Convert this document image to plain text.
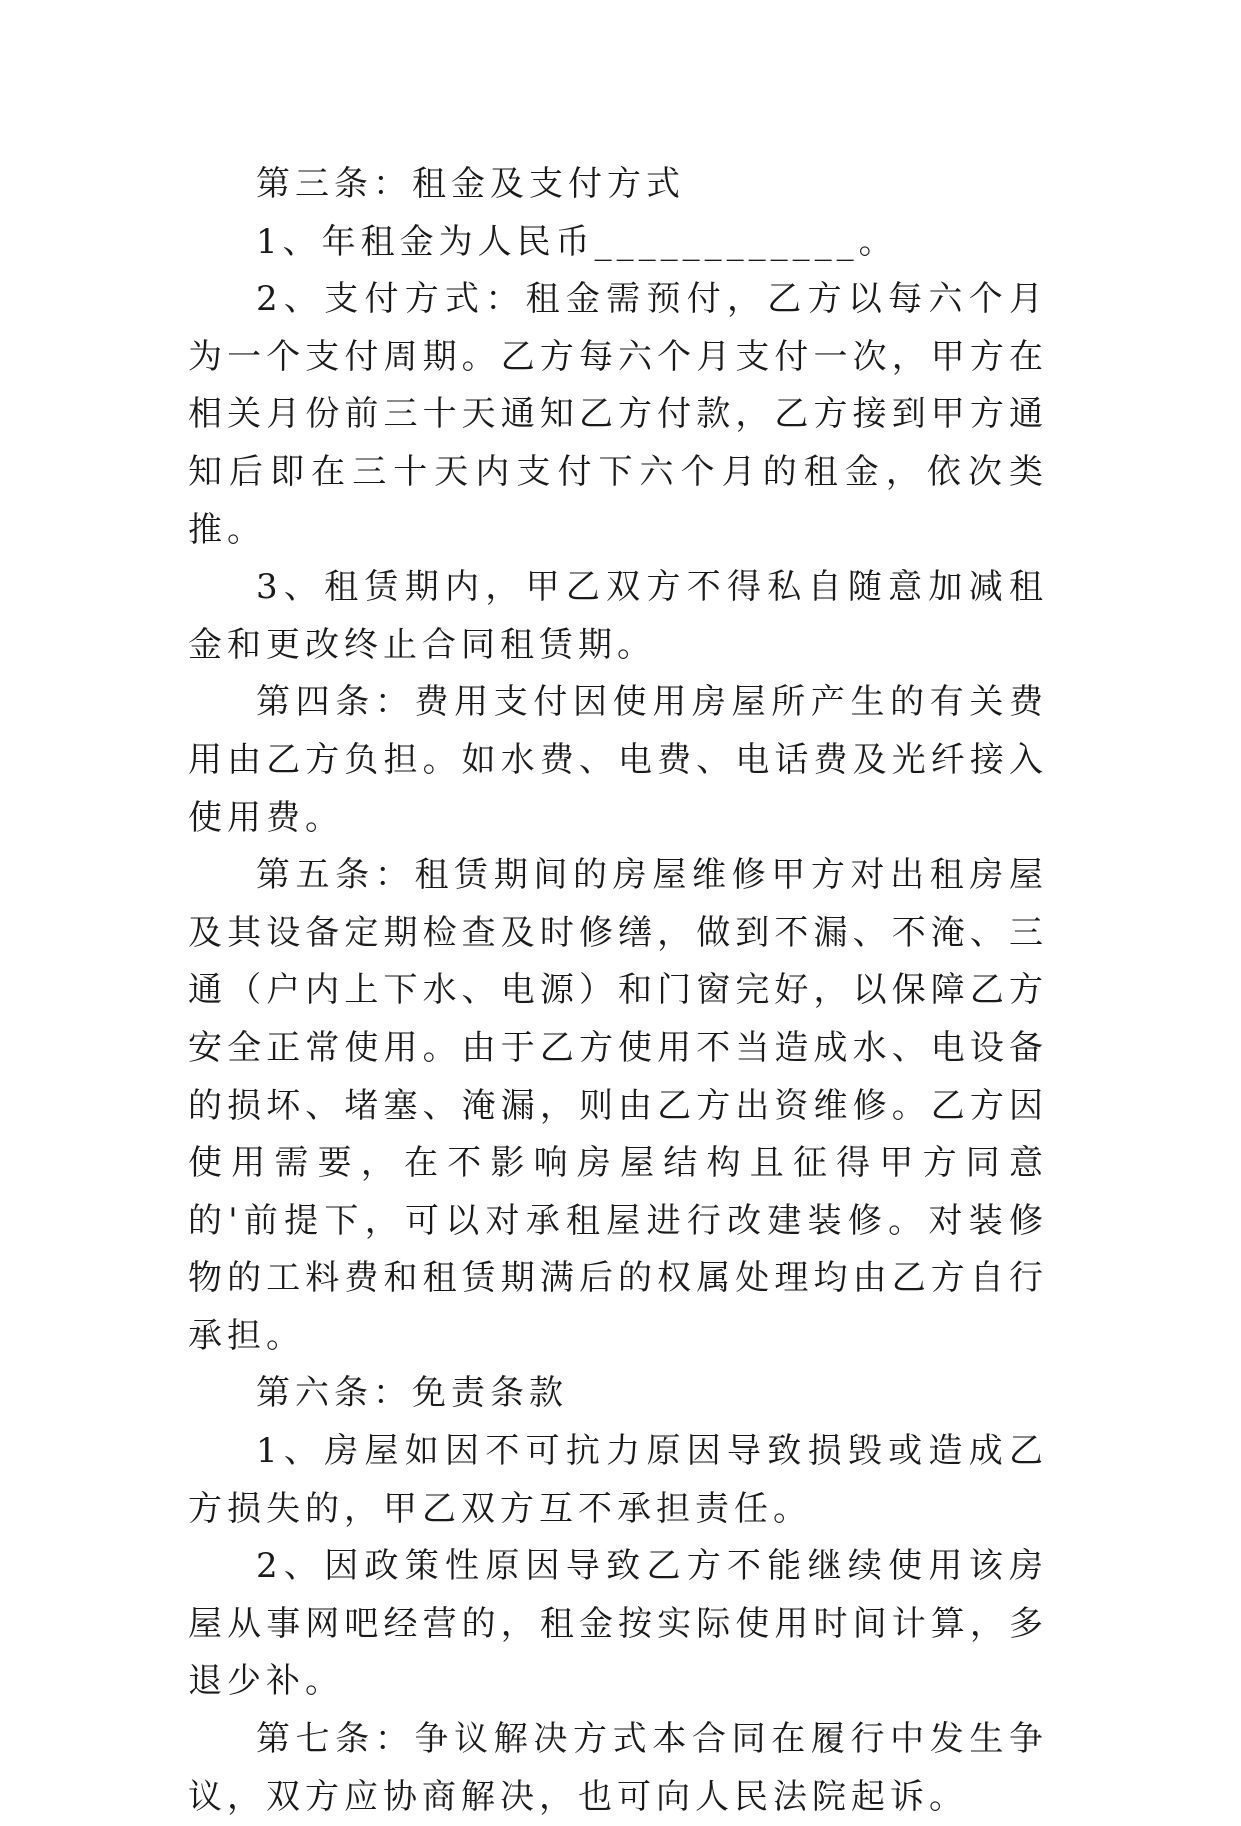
第三条：租金及支付方式

1、年租金为人民币____________。

2、支付方式：租金需预付，乙方以每六个月为一个支付周期。乙方每六个月支付一次，甲方在相关月份前三十天通知乙方付款，乙方接到甲方通知后即在三十天内支付下六个月的租金，依次类推。

3、租赁期内，甲乙双方不得私自随意加减租金和更改终止合同租赁期。

第四条：费用支付因使用房屋所产生的有关费用由乙方负担。如水费、电费、电话费及光纤接入使用费。

第五条：租赁期间的房屋维修甲方对出租房屋及其设备定期检查及时修缮，做到不漏、不淹、三通（户内上下水、电源）和门窗完好，以保障乙方安全正常使用。由于乙方使用不当造成水、电设备的损坏、堵塞、淹漏，则由乙方出资维修。乙方因使用需要，在不影响房屋结构且征得甲方同意的'前提下，可以对承租屋进行改建装修。对装修物的工料费和租赁期满后的权属处理均由乙方自行承担。

第六条：免责条款

1、房屋如因不可抗力原因导致损毁或造成乙方损失的，甲乙双方互不承担责任。

2、因政策性原因导致乙方不能继续使用该房屋从事网吧经营的，租金按实际使用时间计算，多退少补。

第七条：争议解决方式本合同在履行中发生争议，双方应协商解决，也可向人民法院起诉。
